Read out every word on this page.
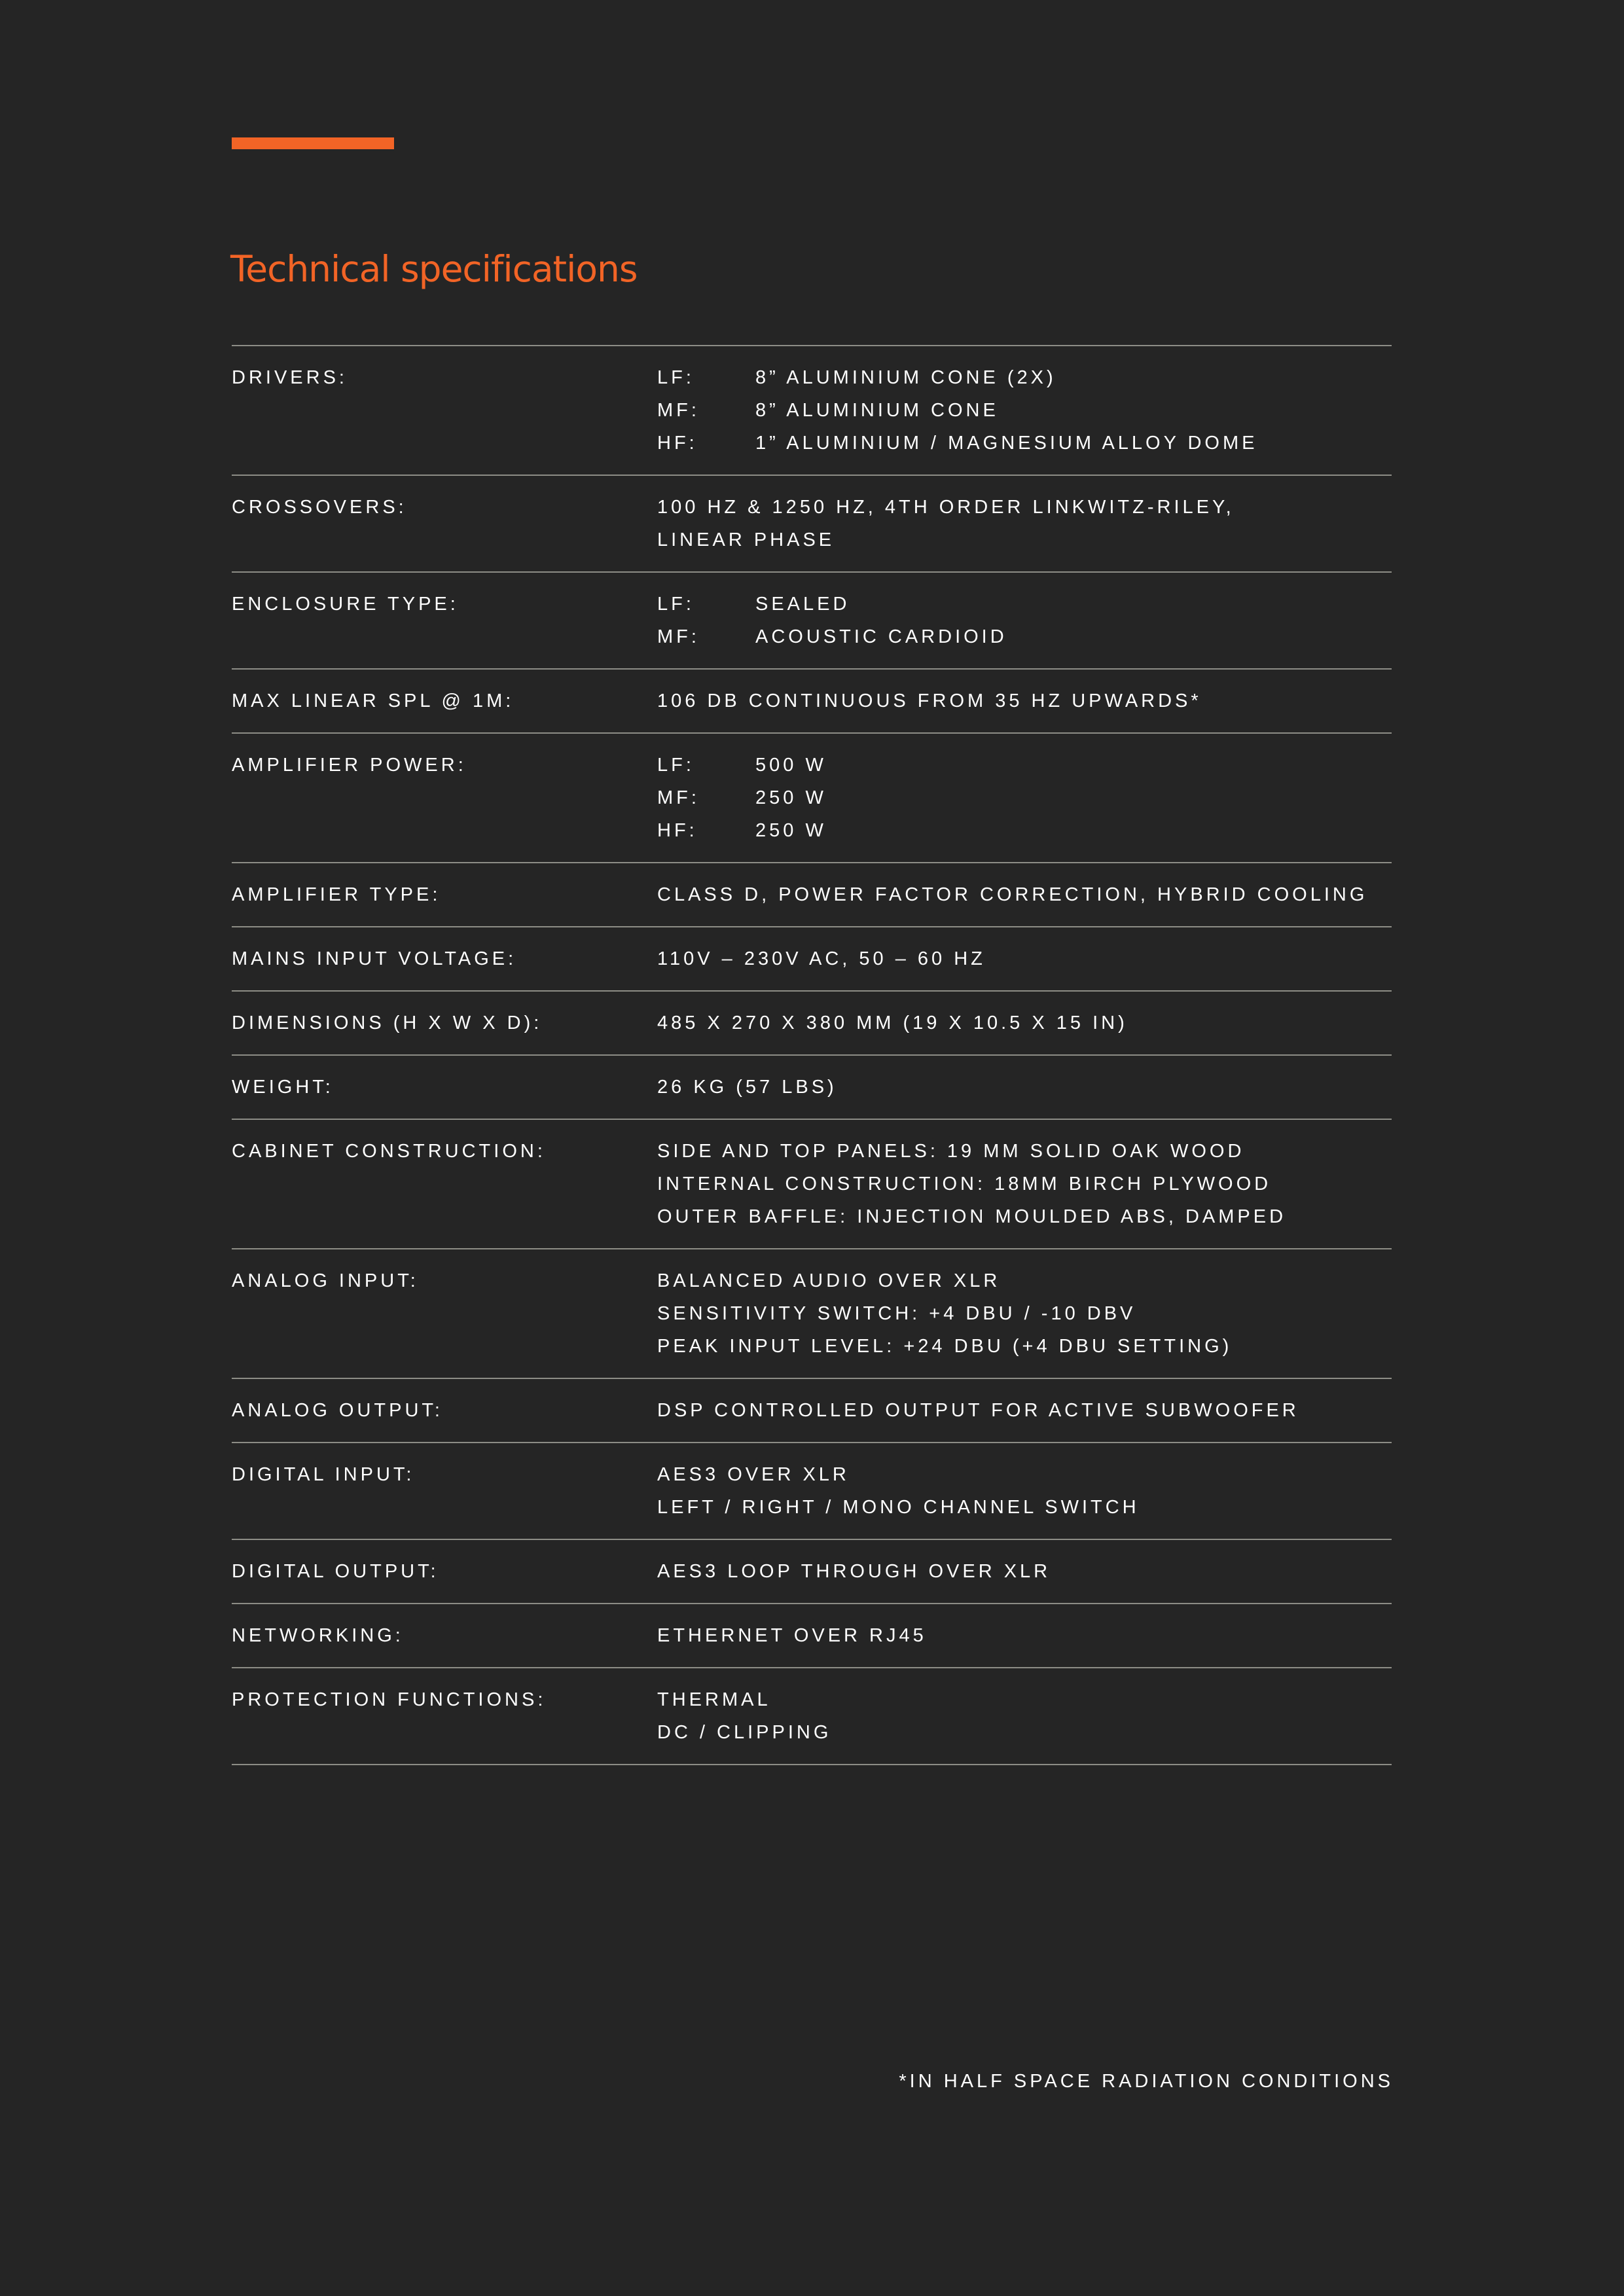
Technical specifications
DRIVERS:	LF:	8” ALUMINIUM CONE (2X)
MF:	8” ALUMINIUM CONE
HF:	1” ALUMINIUM / MAGNESIUM ALLOY DOME
CROSSOVERS:	100 HZ & 1250 HZ, 4TH ORDER LINKWITZ-RILEY,
LINEAR PHASE
ENCLOSURE TYPE:	LF:	SEALED
MF:	ACOUSTIC CARDIOID
MAX LINEAR SPL @ 1M:	106 DB CONTINUOUS FROM 35 HZ UPWARDS*
AMPLIFIER POWER:	LF:	500 W
MF:	250 W
HF:	250 W
AMPLIFIER TYPE:	CLASS D, POWER FACTOR CORRECTION, HYBRID COOLING
MAINS INPUT VOLTAGE:	110V – 230V AC, 50 – 60 HZ
DIMENSIONS (H X W X D):	485 X 270 X 380 MM (19 X 10.5 X 15 IN)
WEIGHT:	26 KG (57 LBS)
CABINET CONSTRUCTION:	SIDE AND TOP PANELS: 19 MM SOLID OAK WOOD
INTERNAL CONSTRUCTION: 18MM BIRCH PLYWOOD
OUTER BAFFLE: INJECTION MOULDED ABS, DAMPED
ANALOG INPUT:	BALANCED AUDIO OVER XLR
SENSITIVITY SWITCH: +4 DBU / -10 DBV
PEAK INPUT LEVEL: +24 DBU (+4 DBU SETTING)
ANALOG OUTPUT:	DSP CONTROLLED OUTPUT FOR ACTIVE SUBWOOFER
DIGITAL INPUT:	AES3 OVER XLR
LEFT / RIGHT / MONO CHANNEL SWITCH
DIGITAL OUTPUT:	AES3 LOOP THROUGH OVER XLR
NETWORKING:	ETHERNET OVER RJ45
PROTECTION FUNCTIONS:	THERMAL
DC / CLIPPING
*IN HALF SPACE RADIATION CONDITIONS
